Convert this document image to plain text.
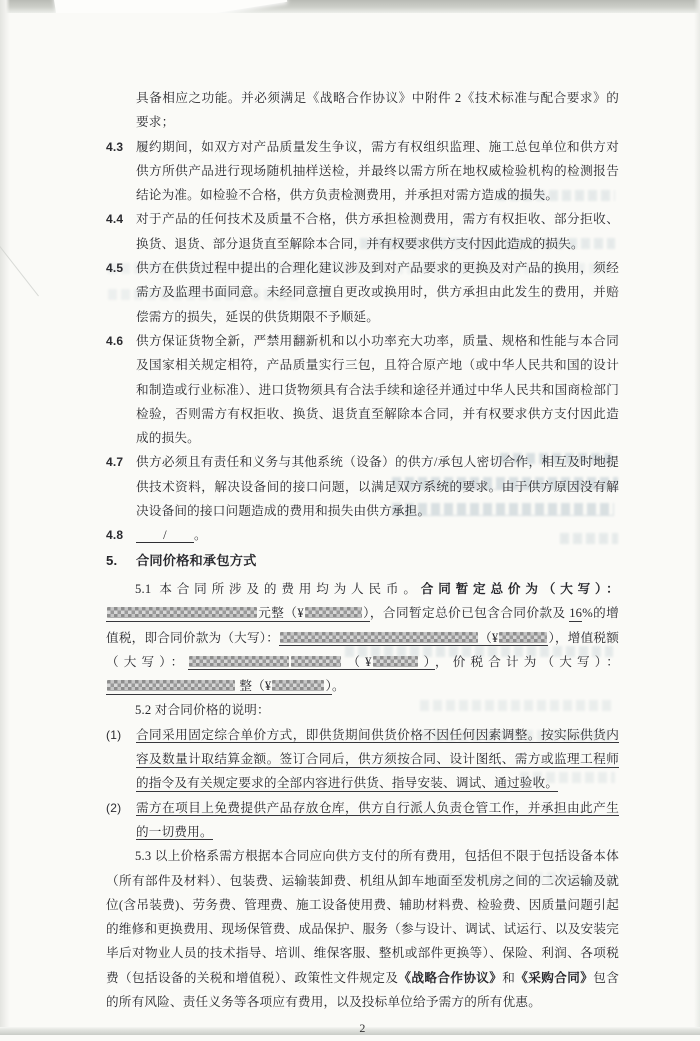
具备相应之功能。并必须满足《战略合作协议》中附件 2《技术标准与配合要求》的要求；
4.3	履约期间，如双方对产品质量发生争议，需方有权组织监理、施工总包单位和供方对供方所供产品进行现场随机抽样送检，并最终以需方所在地权威检验机构的检测报告结论为准。如检验不合格，供方负责检测费用，并承担对需方造成的损失。
4.4	对于产品的任何技术及质量不合格，供方承担检测费用，需方有权拒收、部分拒收、换货、退货、部分退货直至解除本合同，并有权要求供方支付因此造成的损失。
4.5	供方在供货过程中提出的合理化建议涉及到对产品要求的更换及对产品的换用，须经需方及监理书面同意。未经同意擅自更改或换用时，供方承担由此发生的费用，并赔偿需方的损失，延误的供货期限不予顺延。
4.6	供方保证货物全新，严禁用翻新机和以小功率充大功率，质量、规格和性能与本合同及国家相关规定相符，产品质量实行三包，且符合原产地（或中华人民共和国的设计和制造或行业标准）、进口货物须具有合法手续和途径并通过中华人民共和国商检部门检验，否则需方有权拒收、换货、退货直至解除本合同，并有权要求供方支付因此造成的损失。
4.7	供方必须且有责任和义务与其他系统（设备）的供方/承包人密切合作，相互及时地提供技术资料，解决设备间的接口问题，以满足双方系统的要求。由于供方原因没有解决设备间的接口问题造成的费用和损失由供方承担。
4.8	/ 。
5.	合同价格和承包方式
5.1 本合同所涉及的费用均为人民币。合同暂定总价为（大写）：元整（¥	），合同暂定总价已包含合同价款及 16%的增值税，即合同价款为（大写）：	（¥	），增值税额（大写）：	（¥	），价税合计为（大写）： 整（¥	）。
5.2 对合同价格的说明：
(1)	合同采用固定综合单价方式，即供货期间供货价格不因任何因素调整。按实际供货内容及数量计取结算金额。签订合同后，供方须按合同、设计图纸、需方或监理工程师的指令及有关规定要求的全部内容进行供货、指导安装、调试、通过验收。
(2)	需方在项目上免费提供产品存放仓库，供方自行派人负责仓管工作，并承担由此产生的一切费用。
5.3 以上价格系需方根据本合同应向供方支付的所有费用，包括但不限于包括设备本体（所有部件及材料）、包装费、运输装卸费、机组从卸车地面至发机房之间的二次运输及就位(含吊装费)、劳务费、管理费、施工设备使用费、辅助材料费、检验费、因质量问题引起的维修和更换费用、现场保管费、成品保护、服务（参与设计、调试、试运行、以及安装完毕后对物业人员的技术指导、培训、维保客服、整机或部件更换等）、保险、利润、各项税费（包括设备的关税和增值税）、政策性文件规定及《战略合作协议》和《采购合同》包含的所有风险、责任义务等各项应有费用，以及投标单位给予需方的所有优惠。
2
